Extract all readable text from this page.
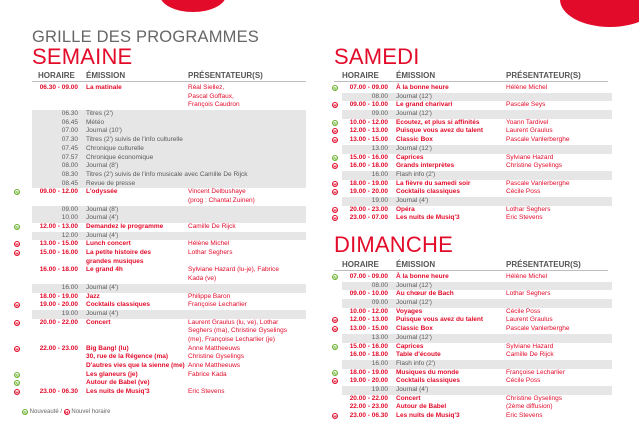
GRILLE DES PROGRAMMES
SEMAINE
HORAIRE ÉMISSION	PRÉSENTATEUR(S)
06.30 - 09.00 La matinale	Réal Siellez,
Pascal Goffaux,
François Caudron
06.30 Titres (2')
06.45 Météo
07.00 Journal (10')
07.30 Titres (2') suivis de l'info culturelle
07.45 Chronique culturelle
07.57 Chronique économique
08.00 Journal (8')
08.30 Titres (2') suivis de l'info musicale avec Camille De Rijck
08.45 Revue de presse
N	09.00 - 12.00 L'odyssée	Vincent Delbushaye
(prog : Chantal Zuinen)
09.00 Journal (8')
10.00 Journal (4')
N	12.00 - 13.00 Demandez le programme	Camille De Rijck
12.00 Journal (4')
H	13.00 - 15.00 Lunch concert	Hélène Michel
H	15.00 - 16.00 La petite histoire des	Lothar Seghers
grandes musiques
16.00 - 18.00 Le grand 4h	Sylviane Hazard (lu-je), Fabrice
Kada (ve)
16.00 Journal (4')
18.00 - 19.00 Jazz	Philippe Baron
H	19.00 - 20.00 Cocktails classiques	Françoise Lecharlier
19.00 Journal (4')
H	20.00 - 22.00 Concert	Laurent Graulus (lu, ve), Lothar
Seghers (ma), Christine Gyselings
(me), Françoise Lecharlier (je)
H	22.00 - 23.00 Big Bang! (lu)	Anne Mattheeuws
30, rue de la Régence (ma)	Christine Gyselings
D'autres vies que la sienne (me) Anne Mattheeuws
N	Les glaneurs (je)	Fabrice Kada
N	Autour de Babel (ve)
H	23.00 - 06.30 Les nuits de Musiq'3	Eric Stevens
SAMEDI
HORAIRE ÉMISSION	PRÉSENTATEUR(S)
N	07.00 - 09.00 À la bonne heure	Hélène Michel
08.00 Journal (12')
H	09.00 - 10.00 Le grand charivari	Pascale Seys
09.00 Journal (12')
N	10.00 - 12.00 Ecoutez, et plus si affinités	Yoann Tardivel
H	12.00 - 13.00 Puisque vous avez du talent	Laurent Graulus
H	13.00 - 15.00 Classic Box	Pascale Vanlerberghe
13.00 Journal (12')
N	15.00 - 16.00 Caprices	Sylviane Hazard
H	16.00 - 18.00 Grands interprètes	Christine Gyselings
16.00 Flash info (2')
H	18.00 - 19.00 La fièvre du samedi soir	Pascale Vanlerberghe
H	19.00 - 20.00 Cocktails classiques	Cécile Poss
19.00 Journal (4')
H	20.00 - 23.00 Opéra	Lothar Seghers
H	23.00 - 07.00 Les nuits de Musiq'3	Eric Stevens
DIMANCHE
HORAIRE ÉMISSION	PRÉSENTATEUR(S)
N	07.00 - 09.00 À la bonne heure	Hélène Michel
08.00 Journal (12')
09.00 - 10.00 Au chœur de Bach	Lothar Seghers
09.00 Journal (12')
10.00 - 12.00 Voyages	Cécile Poss
H	12.00 - 13.00 Puisque vous avez du talent	Laurent Graulus
H	13.00 - 15.00 Classic Box	Pascale Vanlerberghe
13.00 Journal (12')
N	15.00 - 16.00 Caprices	Sylviane Hazard
16.00 - 18.00 Table d'écoute	Camille De Rijck
16.00 Flash info (2')
N	18.00 - 19.00 Musiques du monde	Françoise Lecharlier
H	19.00 - 20.00 Cocktails classiques	Cécile Poss
19.00 Journal (4')
20.00 - 22.00 Concert	Christine Gyselings
22.00 - 23.00 Autour de Babel	(2ème diffusion)
H	23.00 - 06.30 Les nuits de Musiq'3	Eric Stevens
N Nouveauté / H Nouvel horaire
